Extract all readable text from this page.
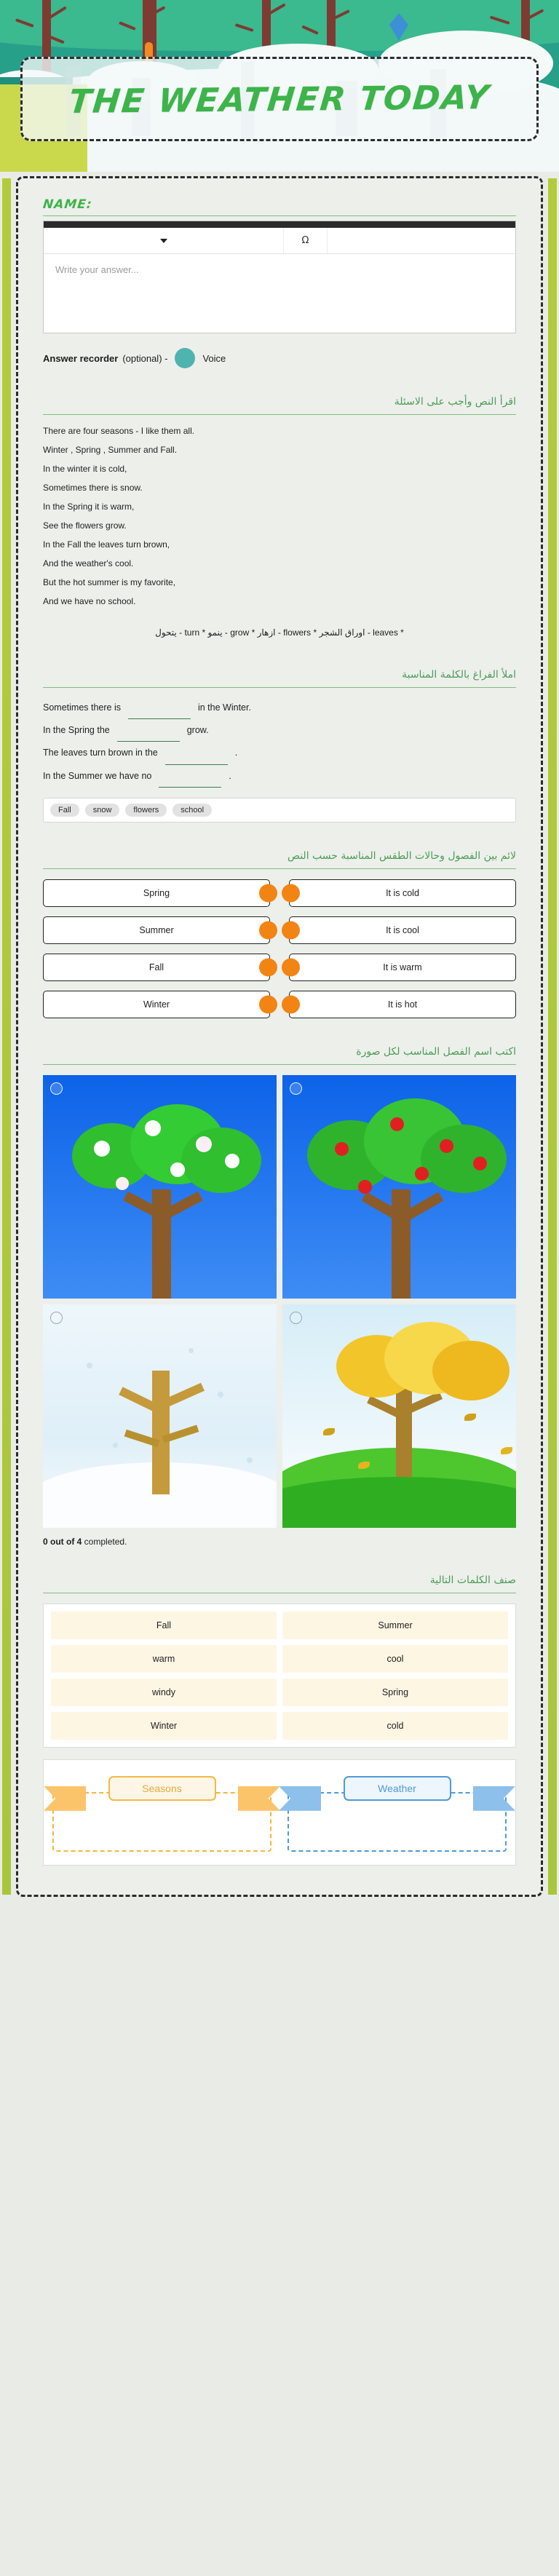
THE WEATHER TODAY
NAME:
Ω
Write your answer...
Answer recorder (optional) -	Voice
اقرأ النص وأجب على الاسئلة

There are four seasons - I like them all.

Winter , Spring , Summer and Fall.

In the winter it is cold,

Sometimes there is snow.

In the Spring it is warm,

See the flowers grow.

In the Fall the leaves turn brown,

And the weather's cool.

But the hot summer is my favorite,

And we have no school.

* leaves - اوراق الشجر * flowers - ازهار * grow - ينمو * turn - يتحول
املأ الفراغ بالكلمة المناسبة
Sometimes there is	in the Winter.
In the Spring the	grow.
The leaves turn brown in the	.
In the Summer we have no	.
Fall	snow	flowers	school
لائم بين الفصول وحالات الطقس المناسبة حسب النص
Spring	It is cold
Summer	It is cool
Fall	It is warm
Winter	It is hot
اكتب اسم الفصل المناسب لكل صورة
0 out of 4 completed.
صنف الكلمات التالية
Fall	Summer
warm	cool
windy	Spring
Winter	cold
Seasons	Weather
